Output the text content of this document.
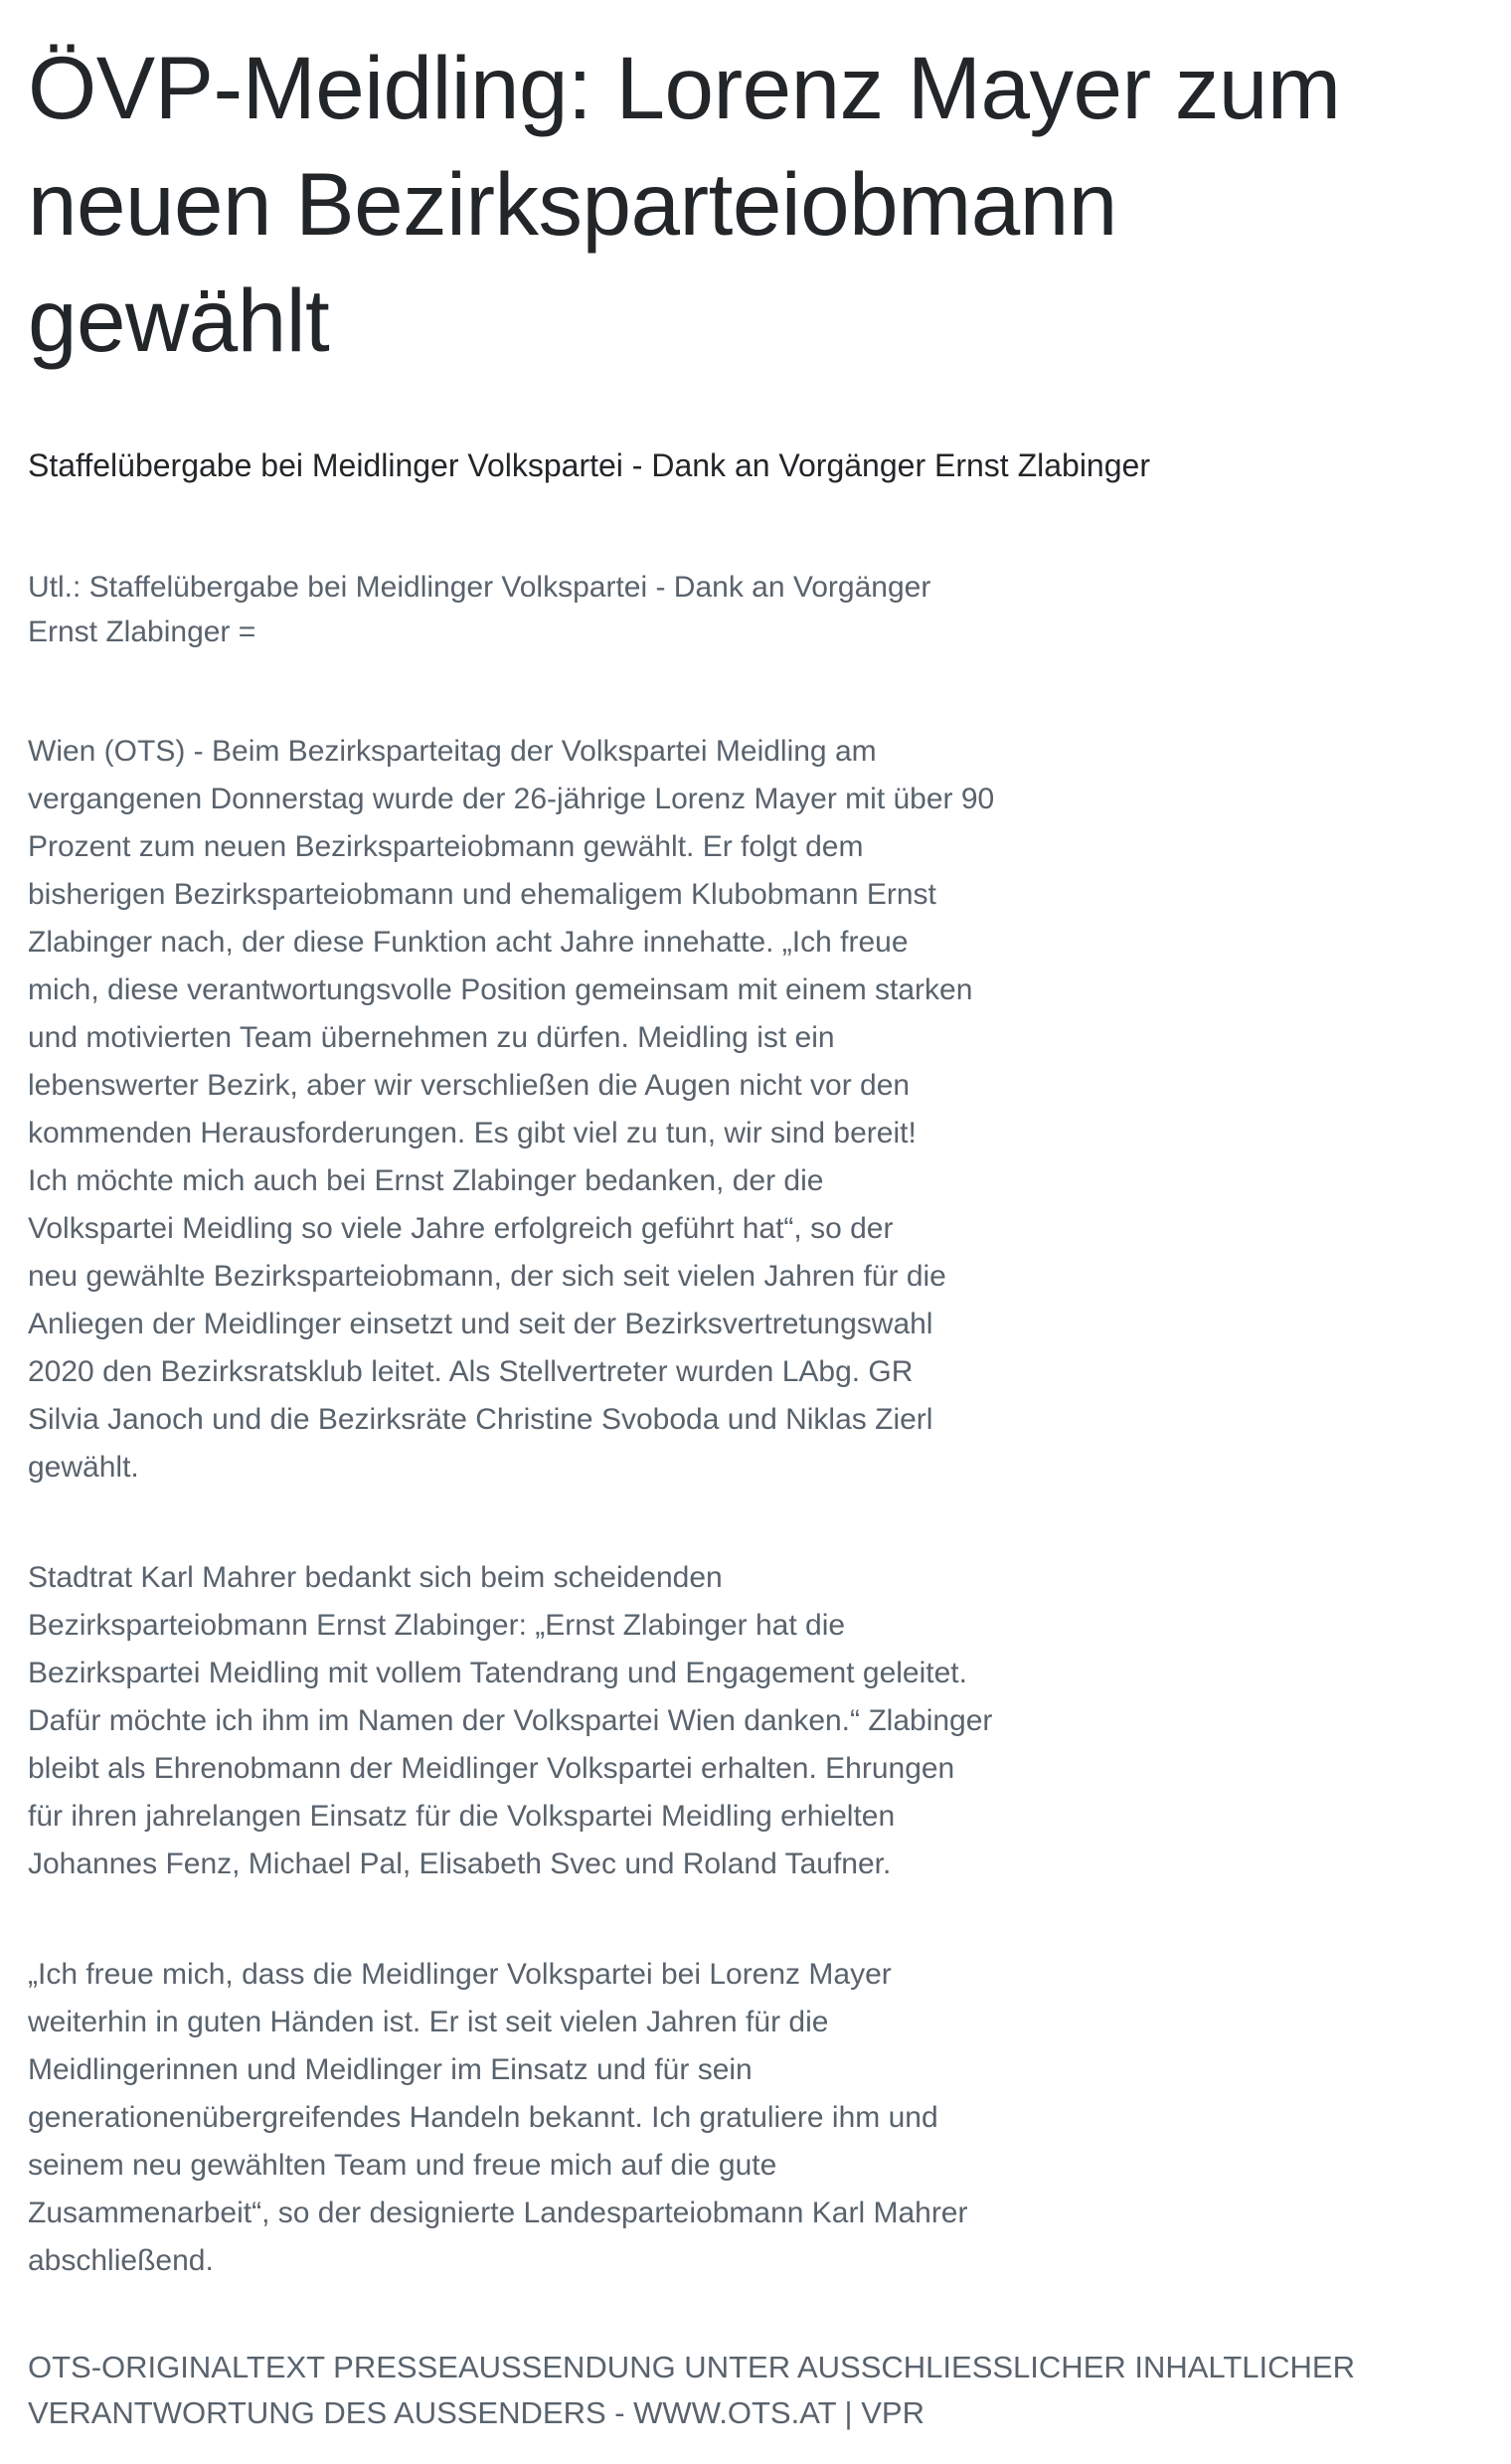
ÖVP-Meidling: Lorenz Mayer zum
neuen Bezirksparteiobmann
gewählt
Staffelübergabe bei Meidlinger Volkspartei - Dank an Vorgänger Ernst Zlabinger
Utl.: Staffelübergabe bei Meidlinger Volkspartei - Dank an Vorgänger
Ernst Zlabinger =

Wien (OTS) - Beim Bezirksparteitag der Volkspartei Meidling am
vergangenen Donnerstag wurde der 26-jährige Lorenz Mayer mit über 90
Prozent zum neuen Bezirksparteiobmann gewählt. Er folgt dem
bisherigen Bezirksparteiobmann und ehemaligem Klubobmann Ernst
Zlabinger nach, der diese Funktion acht Jahre innehatte. „Ich freue
mich, diese verantwortungsvolle Position gemeinsam mit einem starken
und motivierten Team übernehmen zu dürfen. Meidling ist ein
lebenswerter Bezirk, aber wir verschließen die Augen nicht vor den
kommenden Herausforderungen. Es gibt viel zu tun, wir sind bereit!
Ich möchte mich auch bei Ernst Zlabinger bedanken, der die
Volkspartei Meidling so viele Jahre erfolgreich geführt hat“, so der
neu gewählte Bezirksparteiobmann, der sich seit vielen Jahren für die
Anliegen der Meidlinger einsetzt und seit der Bezirksvertretungswahl
2020 den Bezirksratsklub leitet. Als Stellvertreter wurden LAbg. GR
Silvia Janoch und die Bezirksräte Christine Svoboda und Niklas Zierl
gewählt.

Stadtrat Karl Mahrer bedankt sich beim scheidenden
Bezirksparteiobmann Ernst Zlabinger: „Ernst Zlabinger hat die
Bezirkspartei Meidling mit vollem Tatendrang und Engagement geleitet.
Dafür möchte ich ihm im Namen der Volkspartei Wien danken.“ Zlabinger
bleibt als Ehrenobmann der Meidlinger Volkspartei erhalten. Ehrungen
für ihren jahrelangen Einsatz für die Volkspartei Meidling erhielten
Johannes Fenz, Michael Pal, Elisabeth Svec und Roland Taufner.

„Ich freue mich, dass die Meidlinger Volkspartei bei Lorenz Mayer
weiterhin in guten Händen ist. Er ist seit vielen Jahren für die
Meidlingerinnen und Meidlinger im Einsatz und für sein
generationenübergreifendes Handeln bekannt. Ich gratuliere ihm und
seinem neu gewählten Team und freue mich auf die gute
Zusammenarbeit“, so der designierte Landesparteiobmann Karl Mahrer
abschließend.

OTS-ORIGINALTEXT PRESSEAUSSENDUNG UNTER AUSSCHLIESSLICHER INHALTLICHER
VERANTWORTUNG DES AUSSENDERS - WWW.OTS.AT | VPR
